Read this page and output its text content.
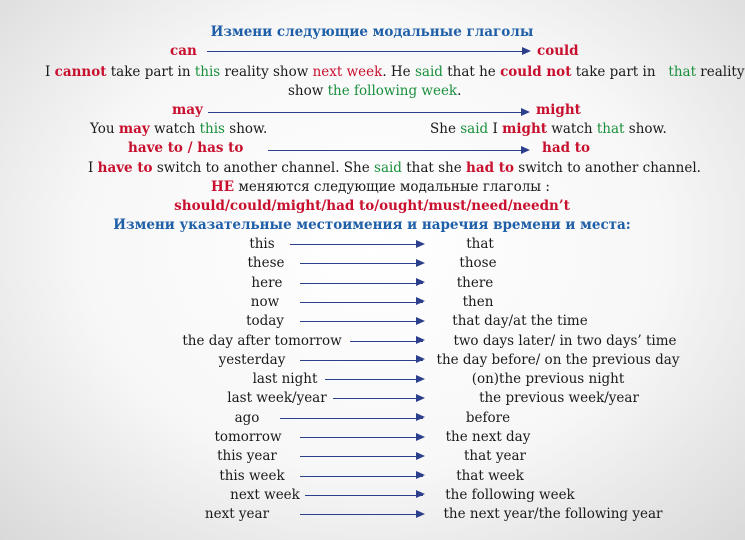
Измени следующие модальные глаголы
can	could
I cannot take part in this reality show next week. He said that he could not take part in   that reality
show the following week.
may	might
You may watch this show.	She said I might watch that show.
have to / has to	had to
I have to switch to another channel. She said that she had to switch to another channel.
НЕ меняются следующие модальные глаголы :
should/could/might/had to/ought/must/need/needn’t
Измени указательные местоимения и наречия времени и места:
this	that
these	those
here	there
now	then
today	that day/at the time
the day after tomorrow	two days later/ in two days’ time
yesterday	the day before/ on the previous day
last night	(on)the previous night
last week/year	the previous week/year
ago	before
tomorrow	the next day
this year	that year
this week	that week
next week	the following week
next year	the next year/the following year
